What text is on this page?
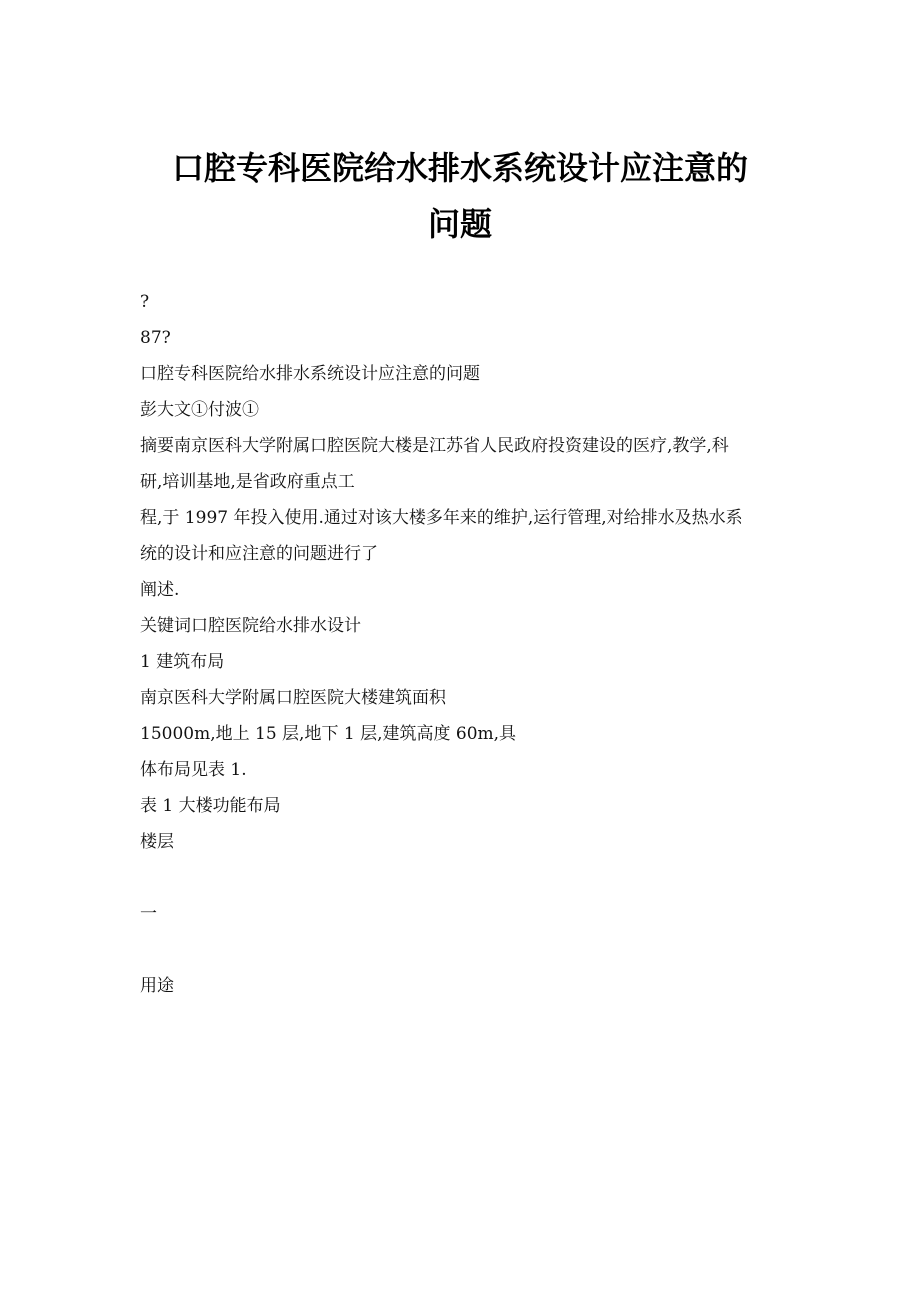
口腔专科医院给水排水系统设计应注意的
问题
?
87?
口腔专科医院给水排水系统设计应注意的问题
彭大文①付波①
摘要南京医科大学附属口腔医院大楼是江苏省人民政府投资建设的医疗,教学,科
研,培训基地,是省政府重点工
程,于 1997 年投入使用.通过对该大楼多年来的维护,运行管理,对给排水及热水系
统的设计和应注意的问题进行了
阐述.
关键词口腔医院给水排水设计
1 建筑布局
南京医科大学附属口腔医院大楼建筑面积
15000m,地上 15 层,地下 1 层,建筑高度 60m,具
体布局见表 1.
表 1 大楼功能布局
楼层
一
用途
